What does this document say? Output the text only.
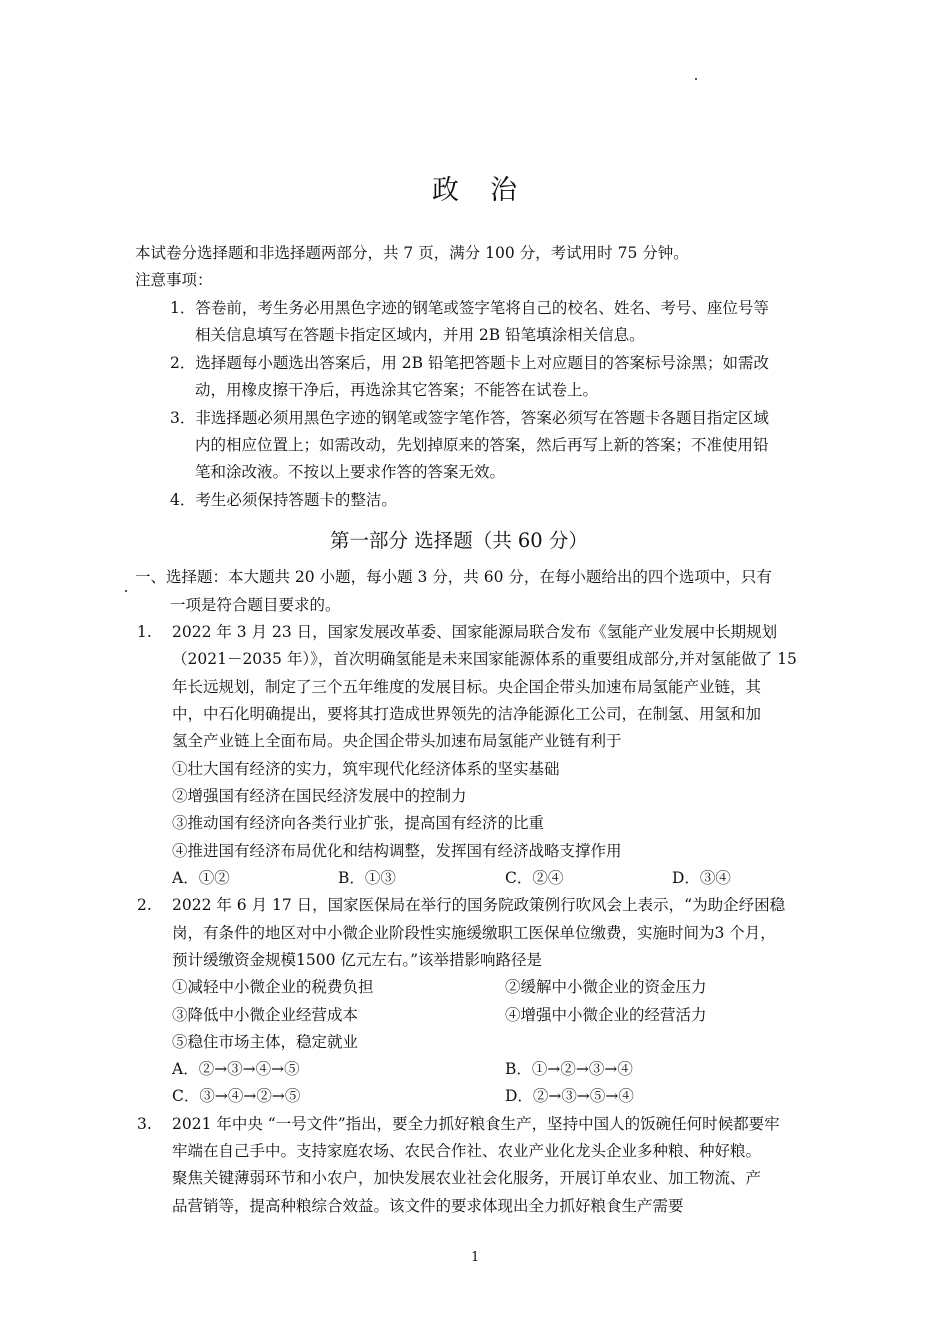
政　治
本试卷分选择题和非选择题两部分，共 7 页，满分 100 分，考试用时 75 分钟。
注意事项：
1．答卷前，考生务必用黑色字迹的钢笔或签字笔将自己的校名、姓名、考号、座位号等
相关信息填写在答题卡指定区域内，并用 2B 铅笔填涂相关信息。
2．选择题每小题选出答案后，用 2B 铅笔把答题卡上对应题目的答案标号涂黑；如需改
动，用橡皮擦干净后，再选涂其它答案；不能答在试卷上。
3．非选择题必须用黑色字迹的钢笔或签字笔作答，答案必须写在答题卡各题目指定区域
内的相应位置上；如需改动，先划掉原来的答案，然后再写上新的答案；不准使用铅
笔和涂改液。不按以上要求作答的答案无效。
4．考生必须保持答题卡的整洁。
第一部分 选择题（共 60 分）
一、选择题：本大题共 20 小题，每小题 3 分，共 60 分，在每小题给出的四个选项中，只有
一项是符合题目要求的。
1. 2022 年 3 月 23 日，国家发展改革委、国家能源局联合发布《氢能产业发展中长期规划
（2021－2035 年）》，首次明确氢能是未来国家能源体系的重要组成部分,并对氢能做了 15
年长远规划，制定了三个五年维度的发展目标。央企国企带头加速布局氢能产业链，其
中，中石化明确提出，要将其打造成世界领先的洁净能源化工公司，在制氢、用氢和加
氢全产业链上全面布局。央企国企带头加速布局氢能产业链有利于
①壮大国有经济的实力，筑牢现代化经济体系的坚实基础
②增强国有经济在国民经济发展中的控制力
③推动国有经济向各类行业扩张，提高国有经济的比重
④推进国有经济布局优化和结构调整，发挥国有经济战略支撑作用
A．①②	B．①③	C．②④	D．③④
2. 2022 年 6 月 17 日，国家医保局在举行的国务院政策例行吹风会上表示，“为助企纾困稳
岗，有条件的地区对中小微企业阶段性实施缓缴职工医保单位缴费，实施时间为3 个月，
预计缓缴资金规模1500 亿元左右。”该举措影响路径是
①减轻中小微企业的税费负担	②缓解中小微企业的资金压力
③降低中小微企业经营成本	④增强中小微企业的经营活力
⑤稳住市场主体，稳定就业
A．②→③→④→⑤	B．①→②→③→④
C．③→④→②→⑤	D．②→③→⑤→④
3. 2021 年中央 “一号文件”指出，要全力抓好粮食生产，坚持中国人的饭碗任何时候都要牢
牢端在自己手中。支持家庭农场、农民合作社、农业产业化龙头企业多种粮、种好粮。
聚焦关键薄弱环节和小农户，加快发展农业社会化服务，开展订单农业、加工物流、产
品营销等，提高种粮综合效益。该文件的要求体现出全力抓好粮食生产需要
1
